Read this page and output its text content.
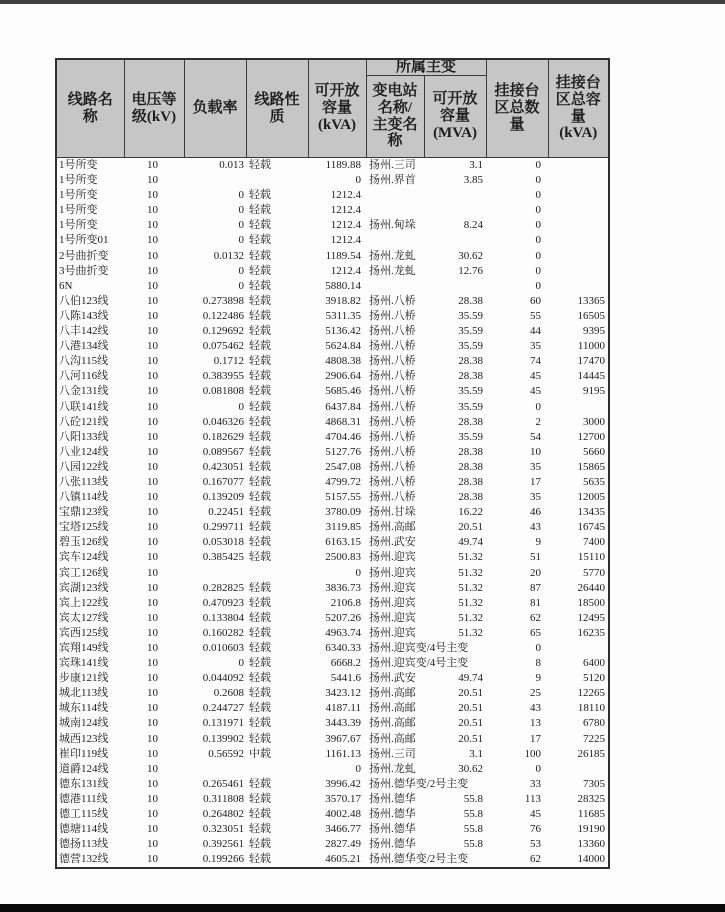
线路名称	电压等级(kV)	负载率	线路性质	可开放容量(kVA)	所属主变		挂接台区总数量	挂接台区总容量(kVA)
					变电站名称/主变名称	可开放容量(MVA)		
1号所变	10	0.013	轻载	1189.88	扬州.三司	3.1	0	
1号所变	10			0	扬州.界首	3.85	0	
1号所变	10	0	轻载	1212.4			0	
1号所变	10	0	轻载	1212.4			0	
1号所变	10	0	轻载	1212.4	扬州.甸垛	8.24	0	
1号所变01	10	0	轻载	1212.4			0	
2号曲折变	10	0.0132	轻载	1189.54	扬州.龙虬	30.62	0	
3号曲折变	10	0	轻载	1212.4	扬州.龙虬	12.76	0	
6N	10	0	轻载	5880.14			0	
八伯123线	10	0.273898	轻载	3918.82	扬州.八桥	28.38	60	13365
八陈143线	10	0.122486	轻载	5311.35	扬州.八桥	35.59	55	16505
八丰142线	10	0.129692	轻载	5136.42	扬州.八桥	35.59	44	9395
八港134线	10	0.075462	轻载	5624.84	扬州.八桥	35.59	35	11000
八沟115线	10	0.1712	轻载	4808.38	扬州.八桥	28.38	74	17470
八河116线	10	0.383955	轻载	2906.64	扬州.八桥	28.38	45	14445
八金131线	10	0.081808	轻载	5685.46	扬州.八桥	35.59	45	9195
八联141线	10	0	轻载	6437.84	扬州.八桥	35.59	0	
八砼121线	10	0.046326	轻载	4868.31	扬州.八桥	28.38	2	3000
八阳133线	10	0.182629	轻载	4704.46	扬州.八桥	35.59	54	12700
八业124线	10	0.089567	轻载	5127.76	扬州.八桥	28.38	10	5660
八园122线	10	0.423051	轻载	2547.08	扬州.八桥	28.38	35	15865
八张113线	10	0.167077	轻载	4799.72	扬州.八桥	28.38	17	5635
八镇114线	10	0.139209	轻载	5157.55	扬州.八桥	28.38	35	12005
宝鼎123线	10	0.22451	轻载	3780.09	扬州.甘垛	16.22	46	13435
宝塔125线	10	0.299711	轻载	3119.85	扬州.高邮	20.51	43	16745
碧玉126线	10	0.053018	轻载	6163.15	扬州.武安	49.74	9	7400
宾车124线	10	0.385425	轻载	2500.83	扬州.迎宾	51.32	51	15110
宾工126线	10			0	扬州.迎宾	51.32	20	5770
宾湖123线	10	0.282825	轻载	3836.73	扬州.迎宾	51.32	87	26440
宾上122线	10	0.470923	轻载	2106.8	扬州.迎宾	51.32	81	18500
宾太127线	10	0.133804	轻载	5207.26	扬州.迎宾	51.32	62	12495
宾西125线	10	0.160282	轻载	4963.74	扬州.迎宾	51.32	65	16235
宾翔149线	10	0.010603	轻载	6340.33	扬州.迎宾变/4号主变		0	
宾珠141线	10	0	轻载	6668.2	扬州.迎宾变/4号主变		8	6400
步康121线	10	0.044092	轻载	5441.6	扬州.武安	49.74	9	5120
城北113线	10	0.2608	轻载	3423.12	扬州.高邮	20.51	25	12265
城东114线	10	0.244727	轻载	4187.11	扬州.高邮	20.51	43	18110
城南124线	10	0.131971	轻载	3443.39	扬州.高邮	20.51	13	6780
城西123线	10	0.139902	轻载	3967.67	扬州.高邮	20.51	17	7225
崔印119线	10	0.56592	中载	1161.13	扬州.三司	3.1	100	26185
道爵124线	10			0	扬州.龙虬	30.62	0	
德东131线	10	0.265461	轻载	3996.42	扬州.德华变/2号主变		33	7305
德港111线	10	0.311808	轻载	3570.17	扬州.德华	55.8	113	28325
德工115线	10	0.264802	轻载	4002.48	扬州.德华	55.8	45	11685
德塘114线	10	0.323051	轻载	3466.77	扬州.德华	55.8	76	19190
德扬113线	10	0.392561	轻载	2827.49	扬州.德华	55.8	53	13360
德营132线	10	0.199266	轻载	4605.21	扬州.德华变/2号主变		62	14000
